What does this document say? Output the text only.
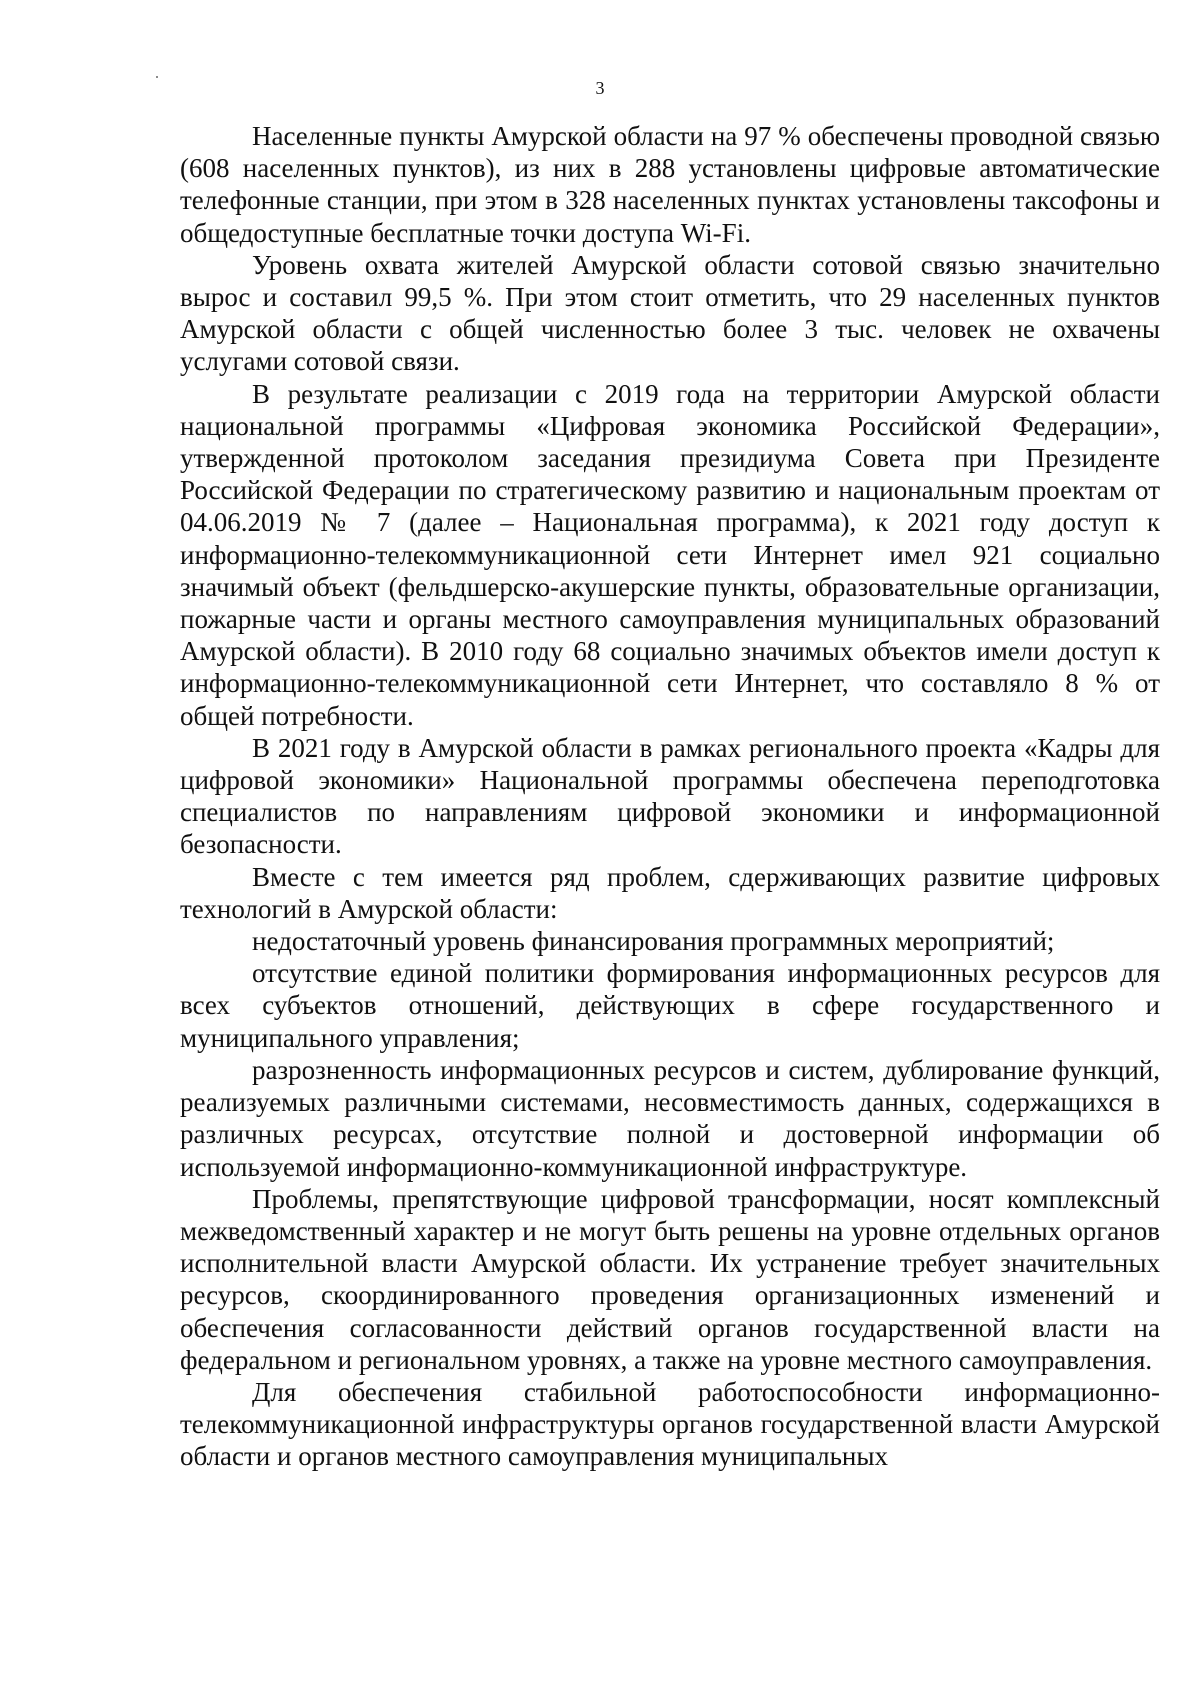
3

Населенные пункты Амурской области на 97 % обеспечены проводной связью (608 населенных пунктов), из них в 288 установлены цифровые автоматические телефонные станции, при этом в 328 населенных пунктах установлены таксофоны и общедоступные бесплатные точки доступа Wi-Fi.

Уровень охвата жителей Амурской области сотовой связью значительно вырос и составил 99,5 %. При этом стоит отметить, что 29 населенных пунктов Амурской области с общей численностью более 3 тыс. человек не охвачены услугами сотовой связи.

В результате реализации с 2019 года на территории Амурской области национальной программы «Цифровая экономика Российской Федерации», утвержденной протоколом заседания президиума Совета при Президенте Российской Федерации по стратегическому развитию и национальным проектам от 04.06.2019 № 7 (далее – Национальная программа), к 2021 году доступ к информационно-телекоммуникационной сети Интернет имел 921 социально значимый объект (фельдшерско-акушерские пункты, образовательные организации, пожарные части и органы местного самоуправления муниципальных образований Амурской области). В 2010 году 68 социально значимых объектов имели доступ к информационно-телекоммуникационной сети Интернет, что составляло 8 % от общей потребности.

В 2021 году в Амурской области в рамках регионального проекта «Кадры для цифровой экономики» Национальной программы обеспечена переподготовка специалистов по направлениям цифровой экономики и информационной безопасности.

Вместе с тем имеется ряд проблем, сдерживающих развитие цифровых технологий в Амурской области:

недостаточный уровень финансирования программных мероприятий;

отсутствие единой политики формирования информационных ресурсов для всех субъектов отношений, действующих в сфере государственного и муниципального управления;

разрозненность информационных ресурсов и систем, дублирование функций, реализуемых различными системами, несовместимость данных, содержащихся в различных ресурсах, отсутствие полной и достоверной информации об используемой информационно-коммуникационной инфраструктуре.

Проблемы, препятствующие цифровой трансформации, носят комплексный межведомственный характер и не могут быть решены на уровне отдельных органов исполнительной власти Амурской области. Их устранение требует значительных ресурсов, скоординированного проведения организационных изменений и обеспечения согласованности действий органов государственной власти на федеральном и региональном уровнях, а также на уровне местного самоуправления.

Для обеспечения стабильной работоспособности информационно-телекоммуникационной инфраструктуры органов государственной власти Амурской области и органов местного самоуправления муниципальных
